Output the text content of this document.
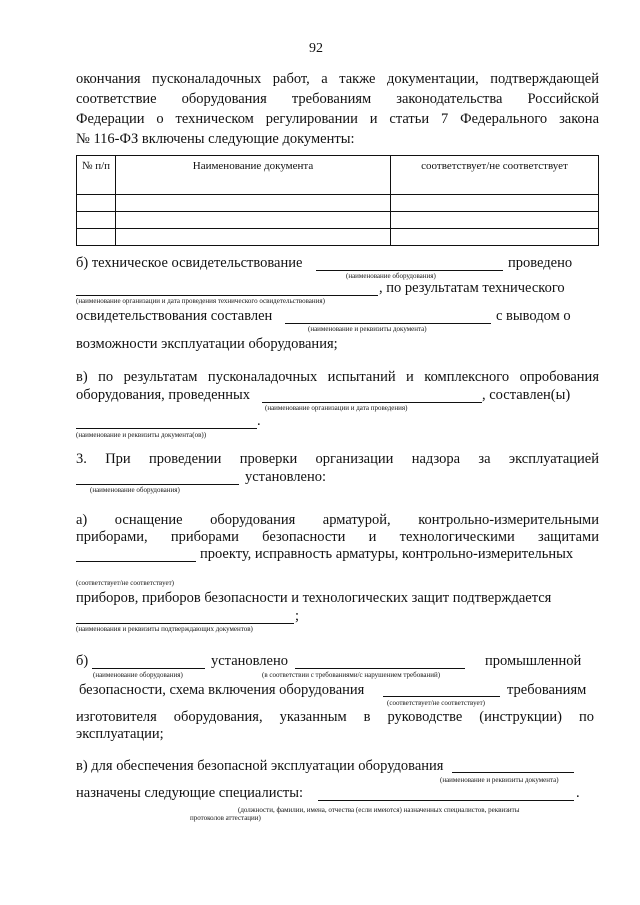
92
окончания пусконаладочных работ, а также документации, подтверждающей
соответствие оборудования требованиям законодательства Российской
Федерации о техническом регулировании и статьи 7 Федерального закона
№ 116-ФЗ включены следующие документы:
№ п/п	Наименование документа	соответствует/не соответствует

б) техническое освидетельствование	проведено
(наименование оборудования)
, по результатам технического
(наименование организации и дата проведения технического освидетельствования)
освидетельствования составлен	с выводом о
(наименование и реквизиты документа)
возможности эксплуатации оборудования;
в) по результатам пусконаладочных испытаний и комплексного опробования
оборудования, проведенных	, составлен(ы)
(наименование организации и дата проведения)
.
(наименование и реквизиты документа(ов))
3. При проведении проверки организации надзора за эксплуатацией
установлено:
(наименование оборудования)
а) оснащение оборудования арматурой, контрольно-измерительными
приборами, приборами безопасности и технологическими защитами
проекту, исправность арматуры, контрольно-измерительных
(соответствует/не соответствует)
приборов, приборов безопасности и технологических защит подтверждается
;
(наименования и реквизиты подтверждающих документов)
б)	установлено	промышленной
(наименование оборудования)	(в соответствии с требованиями/с нарушением требований)
безопасности, схема включения оборудования	требованиям
(соответствует/не соответствует)
изготовителя оборудования, указанным в руководстве (инструкции) по
эксплуатации;
в) для обеспечения безопасной эксплуатации оборудования
(наименование и реквизиты документа)
назначены следующие специалисты:	.
(должности, фамилии, имена, отчества (если имеются) назначенных специалистов, реквизиты
протоколов аттестации)
